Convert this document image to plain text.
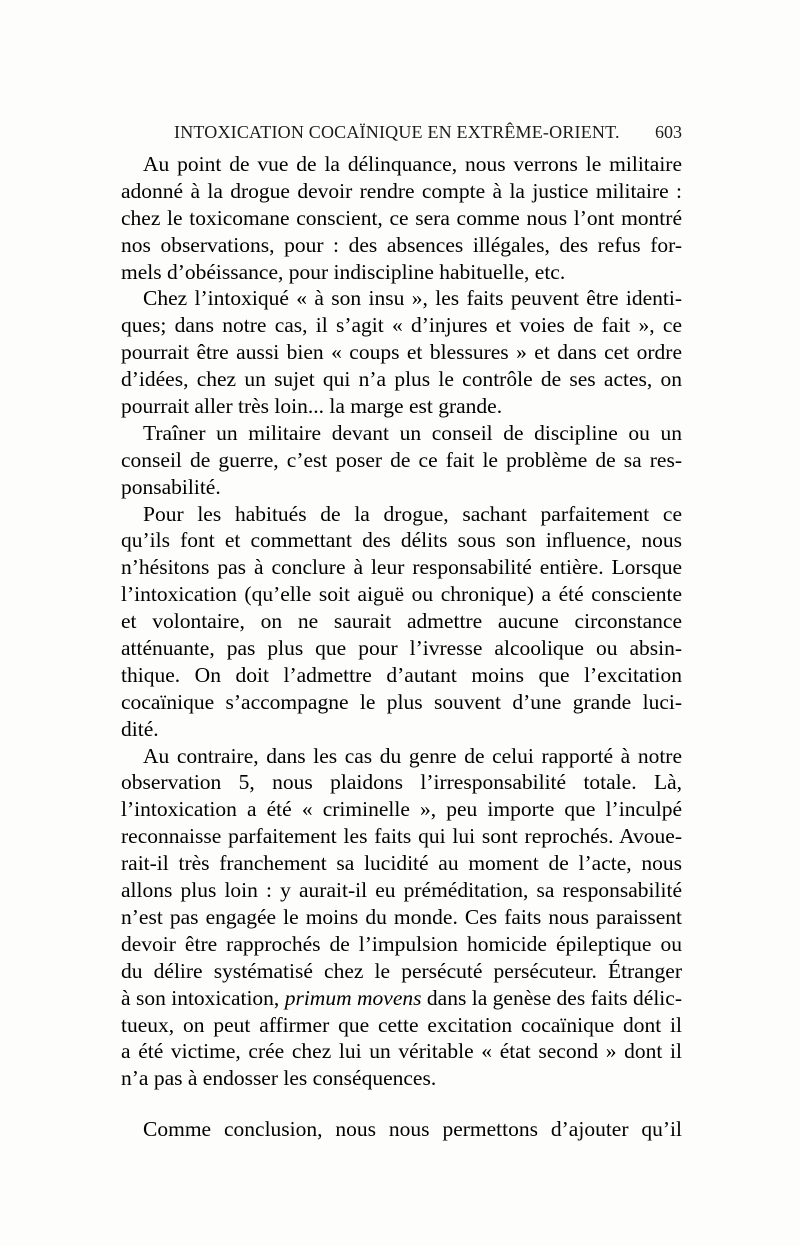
INTOXICATION COCAÏNIQUE EN EXTRÊME-ORIENT. 603
Au point de vue de la délinquance, nous verrons le militaire
adonné à la drogue devoir rendre compte à la justice militaire :
chez le toxicomane conscient, ce sera comme nous l’ont montré
nos observations, pour : des absences illégales, des refus for-
mels d’obéissance, pour indiscipline habituelle, etc.
Chez l’intoxiqué « à son insu », les faits peuvent être identi-
ques; dans notre cas, il s’agit « d’injures et voies de fait », ce
pourrait être aussi bien « coups et blessures » et dans cet ordre
d’idées, chez un sujet qui n’a plus le contrôle de ses actes, on
pourrait aller très loin... la marge est grande.
Traîner un militaire devant un conseil de discipline ou un
conseil de guerre, c’est poser de ce fait le problème de sa res-
ponsabilité.
Pour les habitués de la drogue, sachant parfaitement ce
qu’ils font et commettant des délits sous son influence, nous
n’hésitons pas à conclure à leur responsabilité entière. Lorsque
l’intoxication (qu’elle soit aiguë ou chronique) a été consciente
et volontaire, on ne saurait admettre aucune circonstance
atténuante, pas plus que pour l’ivresse alcoolique ou absin-
thique. On doit l’admettre d’autant moins que l’excitation
cocaïnique s’accompagne le plus souvent d’une grande luci-
dité.
Au contraire, dans les cas du genre de celui rapporté à notre
observation 5, nous plaidons l’irresponsabilité totale. Là,
l’intoxication a été « criminelle », peu importe que l’inculpé
reconnaisse parfaitement les faits qui lui sont reprochés. Avoue-
rait-il très franchement sa lucidité au moment de l’acte, nous
allons plus loin : y aurait-il eu préméditation, sa responsabilité
n’est pas engagée le moins du monde. Ces faits nous paraissent
devoir être rapprochés de l’impulsion homicide épileptique ou
du délire systématisé chez le persécuté persécuteur. Étranger
à son intoxication, primum movens dans la genèse des faits délic-
tueux, on peut affirmer que cette excitation cocaïnique dont il
a été victime, crée chez lui un véritable « état second » dont il
n’a pas à endosser les conséquences.
Comme conclusion, nous nous permettons d’ajouter qu’il
